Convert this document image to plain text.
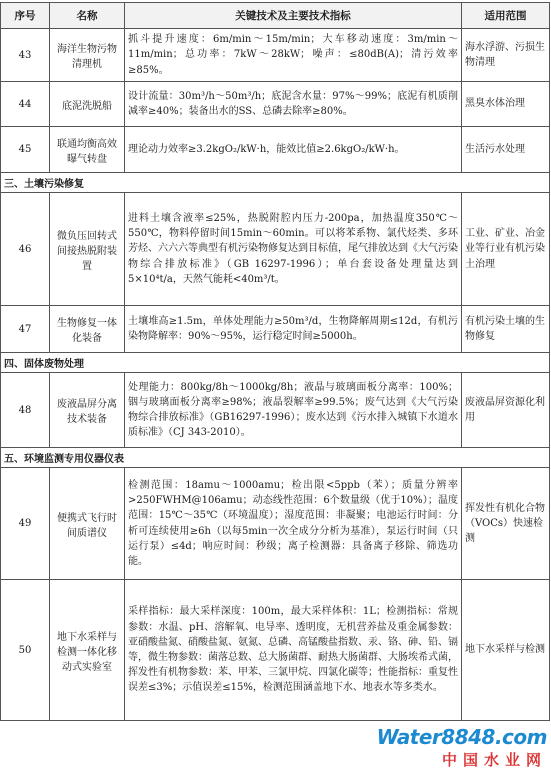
序号	名称	关键技术及主要技术指标	适用范围
43	海洋生物污物清理机	抓斗提升速度：6m/min～15m/min；大车移动速度：3m/min～11m/min；总功率：7kW～28kW；噪声：≤80dB(A)；清污效率≥85%。	海水浮游、污损生物清理
44	底泥洗脱船	设计流量：30m³/h～50m³/h；底泥含水量：97%～99%；底泥有机质削减率≥40%；装备出水的SS、总磷去除率≥80%。	黑臭水体治理
45	联通均衡高效曝气转盘	理论动力效率≥3.2kgO₂/kW·h，能效比值≥2.6kgO₂/kW·h。	生活污水处理
三、土壤污染修复			
46	微负压回转式间接热脱附装置	进料土壤含液率≤25%，热脱附腔内压力-200pa，加热温度350℃～550℃，物料停留时间15min～60min。可以将苯系物、氯代烃类、多环芳烃、六六六等典型有机污染物修复达到目标值，尾气排放达到《大气污染物综合排放标准》（GB 16297-1996）；单台套设备处理量达到5×10⁴t/a，天然气能耗<40m³/t。	工业、矿业、冶金业等行业有机污染土治理
47	生物修复一体化装备	土壤堆高≥1.5m，单体处理能力≥50m³/d，生物降解周期≤12d，有机污染物降解率：90%～95%，运行稳定时间≥5000h。	有机污染土壤的生物修复
四、固体废物处理			
48	废液晶屏分离技术装备	处理能力：800kg/8h～1000kg/8h；液晶与玻璃面板分离率：100%；铟与玻璃面板分离率≥98%；液晶裂解率≥99.5%；废气达到《大气污染物综合排放标准》（GB16297-1996）；废水达到《污水排入城镇下水道水质标准》（CJ 343-2010）。	废液晶屏资源化利用
五、环境监测专用仪器仪表			
49	便携式飞行时间质谱仪	检测范围：18amu～1000amu；检出限<5ppb（苯）；质量分辨率>250FWHM@106amu；动态线性范围：6个数量级（优于10%）；温度范围：15℃～35℃（环境温度）；湿度范围：非凝聚；电池运行时间：分析可连续使用≥6h（以每5min一次全成分分析为基准），泵运行时间（只运行泵）≤4d；响应时间：秒级；离子检测器：具备离子移除、筛选功能。	挥发性有机化合物（VOCs）快速检测
50	地下水采样与检测一体化移动式实验室	采样指标：最大采样深度：100m，最大采样体积：1L；检测指标：常规参数：水温、pH、溶解氧、电导率、透明度，无机营养盐及重金属参数：亚硝酸盐氮、硝酸盐氮、氨氮、总磷、高锰酸盐指数、汞、铬、砷、铅、镉等，微生物参数：菌落总数、总大肠菌群、耐热大肠菌群、大肠埃希式菌，挥发性有机物参数：苯、甲苯、三氯甲烷、四氯化碳等；性能指标：重复性误差≤3%；示值误差≤15%，检测范围涵盖地下水、地表水等多类水。	地下水采样与检测
Water8848.com
中国水业网
